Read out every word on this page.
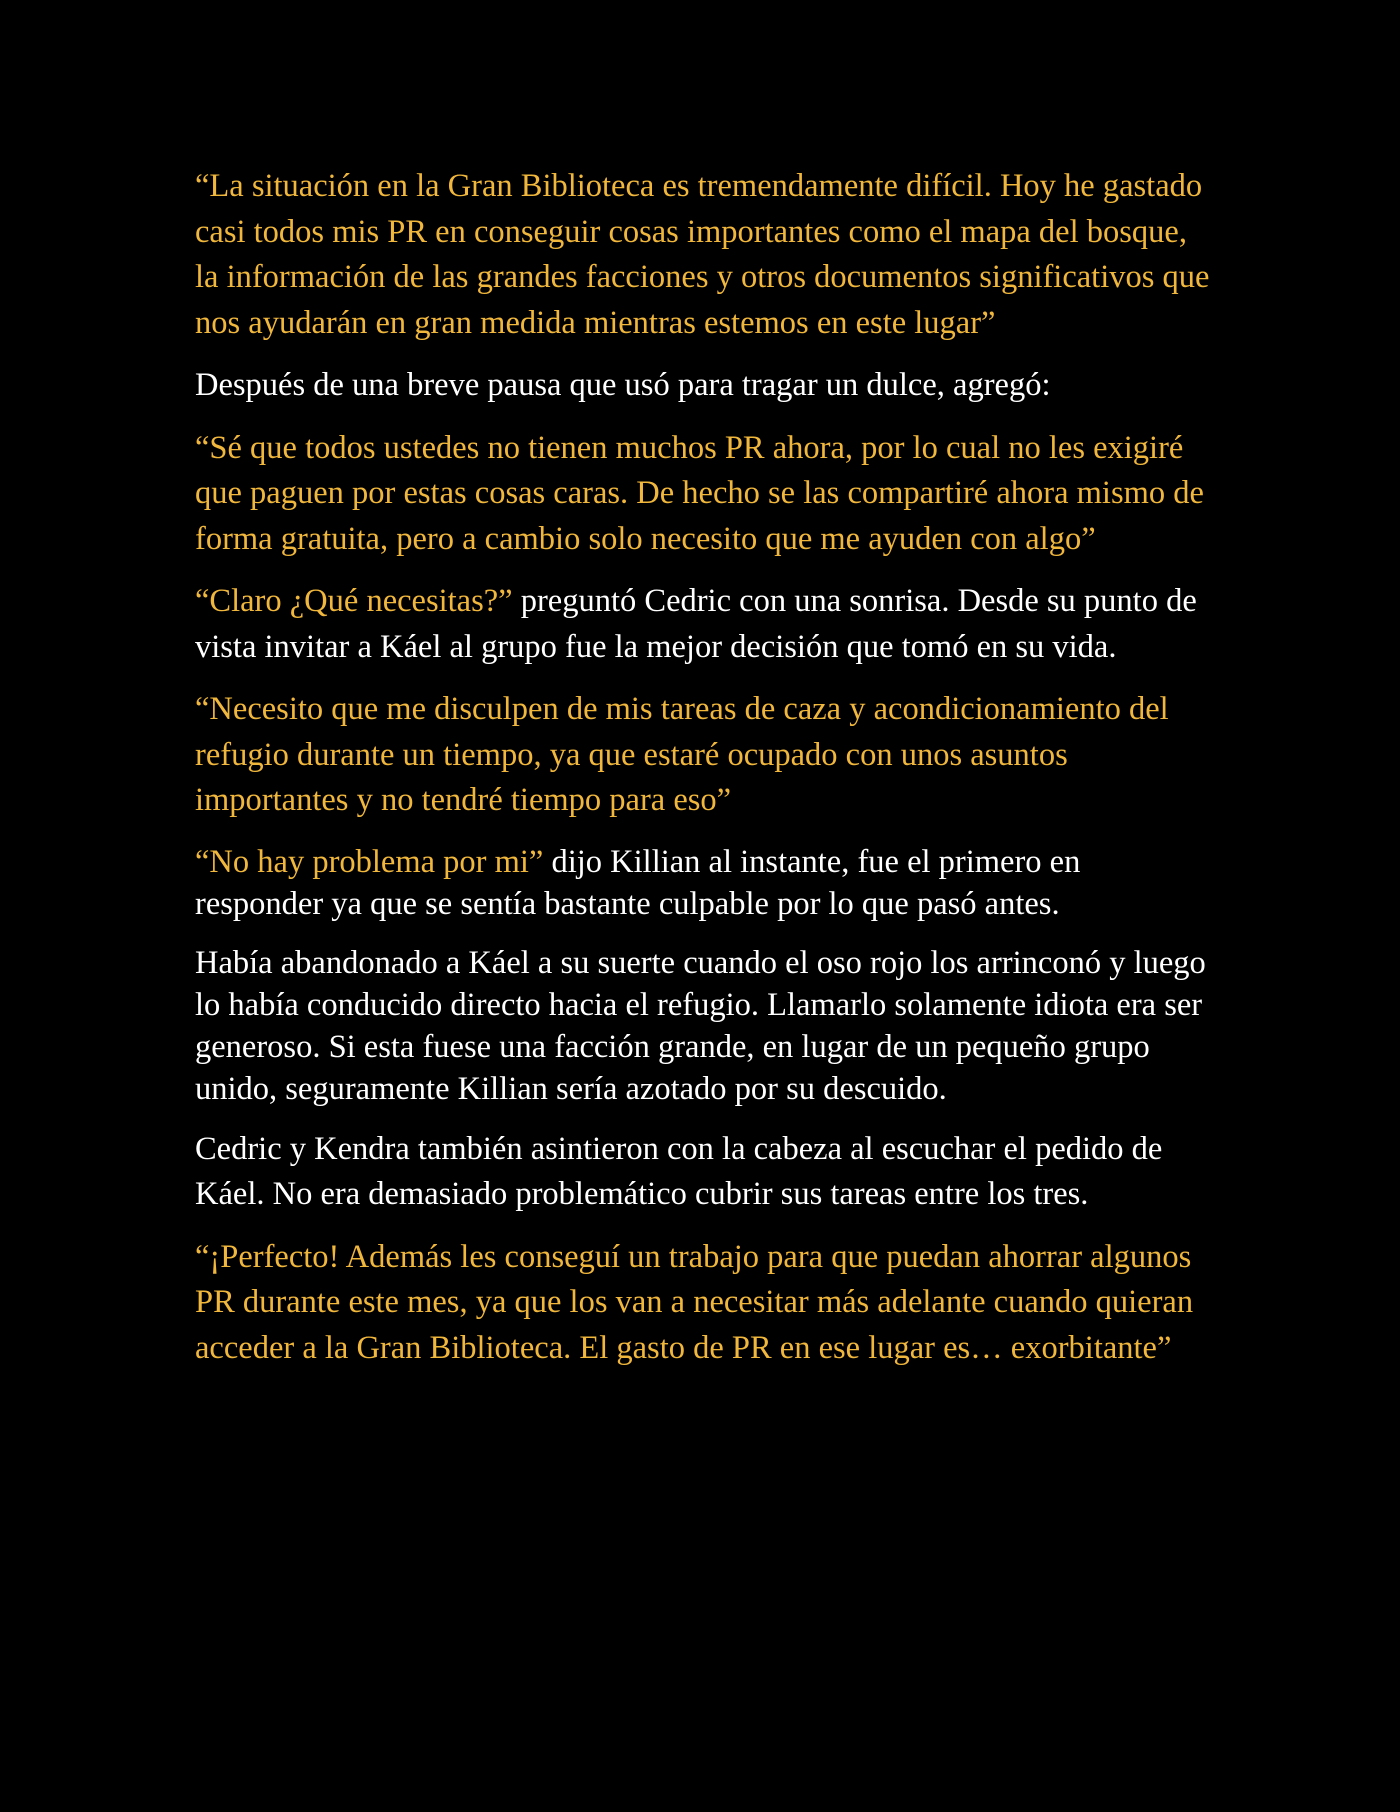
“La situación en la Gran Biblioteca es tremendamente difícil. Hoy he gastado casi todos mis PR en conseguir cosas importantes como el mapa del bosque, la información de las grandes facciones y otros documentos significativos que nos ayudarán en gran medida mientras estemos en este lugar”

Después de una breve pausa que usó para tragar un dulce, agregó:

“Sé que todos ustedes no tienen muchos PR ahora, por lo cual no les exigiré que paguen por estas cosas caras. De hecho se las compartiré ahora mismo de forma gratuita, pero a cambio solo necesito que me ayuden con algo”

“Claro ¿Qué necesitas?” preguntó Cedric con una sonrisa. Desde su punto de vista invitar a Káel al grupo fue la mejor decisión que tomó en su vida.

“Necesito que me disculpen de mis tareas de caza y acondicionamiento del refugio durante un tiempo, ya que estaré ocupado con unos asuntos importantes y no tendré tiempo para eso”

“No hay problema por mi” dijo Killian al instante, fue el primero en responder ya que se sentía bastante culpable por lo que pasó antes.

Había abandonado a Káel a su suerte cuando el oso rojo los arrinconó y luego lo había conducido directo hacia el refugio. Llamarlo solamente idiota era ser generoso. Si esta fuese una facción grande, en lugar de un pequeño grupo unido, seguramente Killian sería azotado por su descuido.

Cedric y Kendra también asintieron con la cabeza al escuchar el pedido de Káel. No era demasiado problemático cubrir sus tareas entre los tres.

“¡Perfecto! Además les conseguí un trabajo para que puedan ahorrar algunos PR durante este mes, ya que los van a necesitar más adelante cuando quieran acceder a la Gran Biblioteca. El gasto de PR en ese lugar es… exorbitante”
